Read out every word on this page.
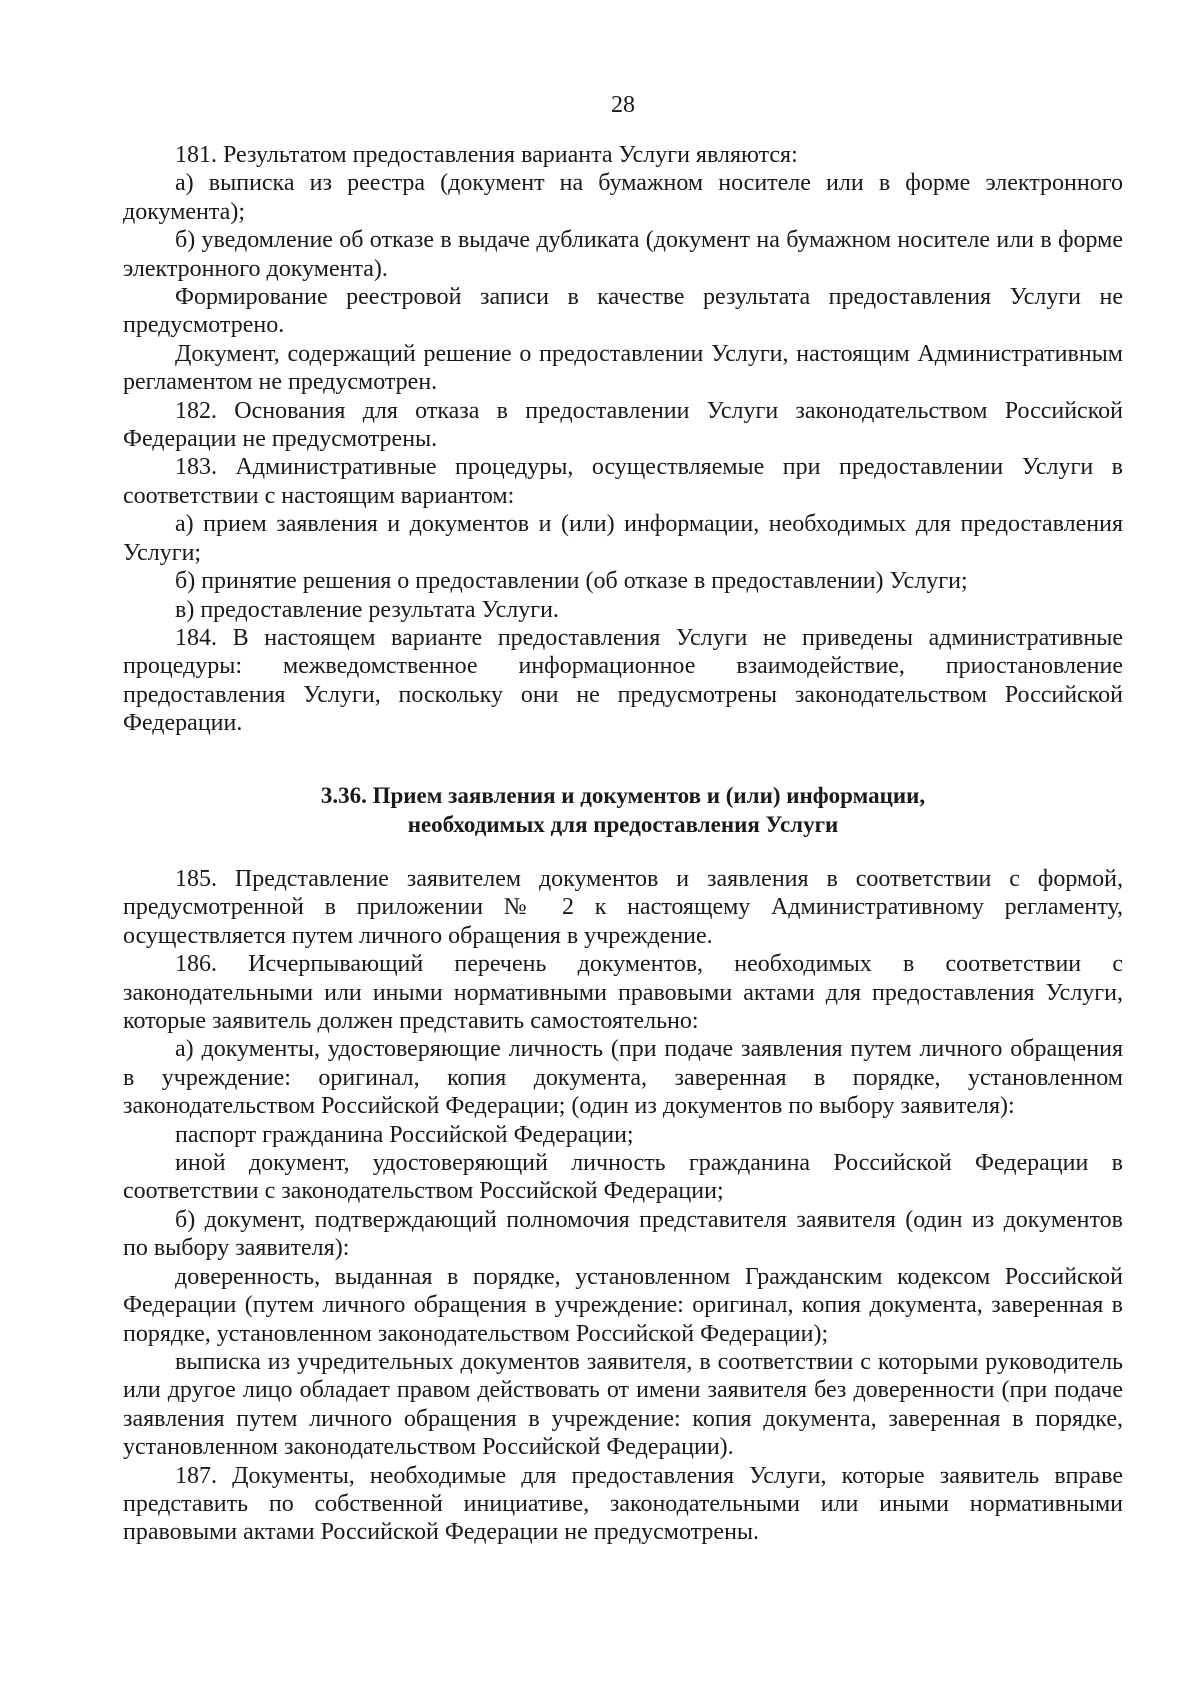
28

181. Результатом предоставления варианта Услуги являются:

а) выписка из реестра (документ на бумажном носителе или в форме электронного документа);

б) уведомление об отказе в выдаче дубликата (документ на бумажном носителе или в форме электронного документа).

Формирование реестровой записи в качестве результата предоставления Услуги не предусмотрено.

Документ, содержащий решение о предоставлении Услуги, настоящим Административным регламентом не предусмотрен.

182. Основания для отказа в предоставлении Услуги законодательством Российской Федерации не предусмотрены.

183. Административные процедуры, осуществляемые при предоставлении Услуги в соответствии с настоящим вариантом:

а) прием заявления и документов и (или) информации, необходимых для предоставления Услуги;

б) принятие решения о предоставлении (об отказе в предоставлении) Услуги;

в) предоставление результата Услуги.

184. В настоящем варианте предоставления Услуги не приведены административные процедуры: межведомственное информационное взаимодействие, приостановление предоставления Услуги, поскольку они не предусмотрены законодательством Российской Федерации.

3.36. Прием заявления и документов и (или) информации,
необходимых для предоставления Услуги

185. Представление заявителем документов и заявления в соответствии с формой, предусмотренной в приложении № 2 к настоящему Административному регламенту, осуществляется путем личного обращения в учреждение.

186. Исчерпывающий перечень документов, необходимых в соответствии с законодательными или иными нормативными правовыми актами для предоставления Услуги, которые заявитель должен представить самостоятельно:

а) документы, удостоверяющие личность (при подаче заявления путем личного обращения в учреждение: оригинал, копия документа, заверенная в порядке, установленном законодательством Российской Федерации; (один из документов по выбору заявителя):

паспорт гражданина Российской Федерации;

иной документ, удостоверяющий личность гражданина Российской Федерации в соответствии с законодательством Российской Федерации;

б) документ, подтверждающий полномочия представителя заявителя (один из документов по выбору заявителя):

доверенность, выданная в порядке, установленном Гражданским кодексом Российской Федерации (путем личного обращения в учреждение: оригинал, копия документа, заверенная в порядке, установленном законодательством Российской Федерации);

выписка из учредительных документов заявителя, в соответствии с которыми руководитель или другое лицо обладает правом действовать от имени заявителя без доверенности (при подаче заявления путем личного обращения в учреждение: копия документа, заверенная в порядке, установленном законодательством Российской Федерации).

187. Документы, необходимые для предоставления Услуги, которые заявитель вправе представить по собственной инициативе, законодательными или иными нормативными правовыми актами Российской Федерации не предусмотрены.
